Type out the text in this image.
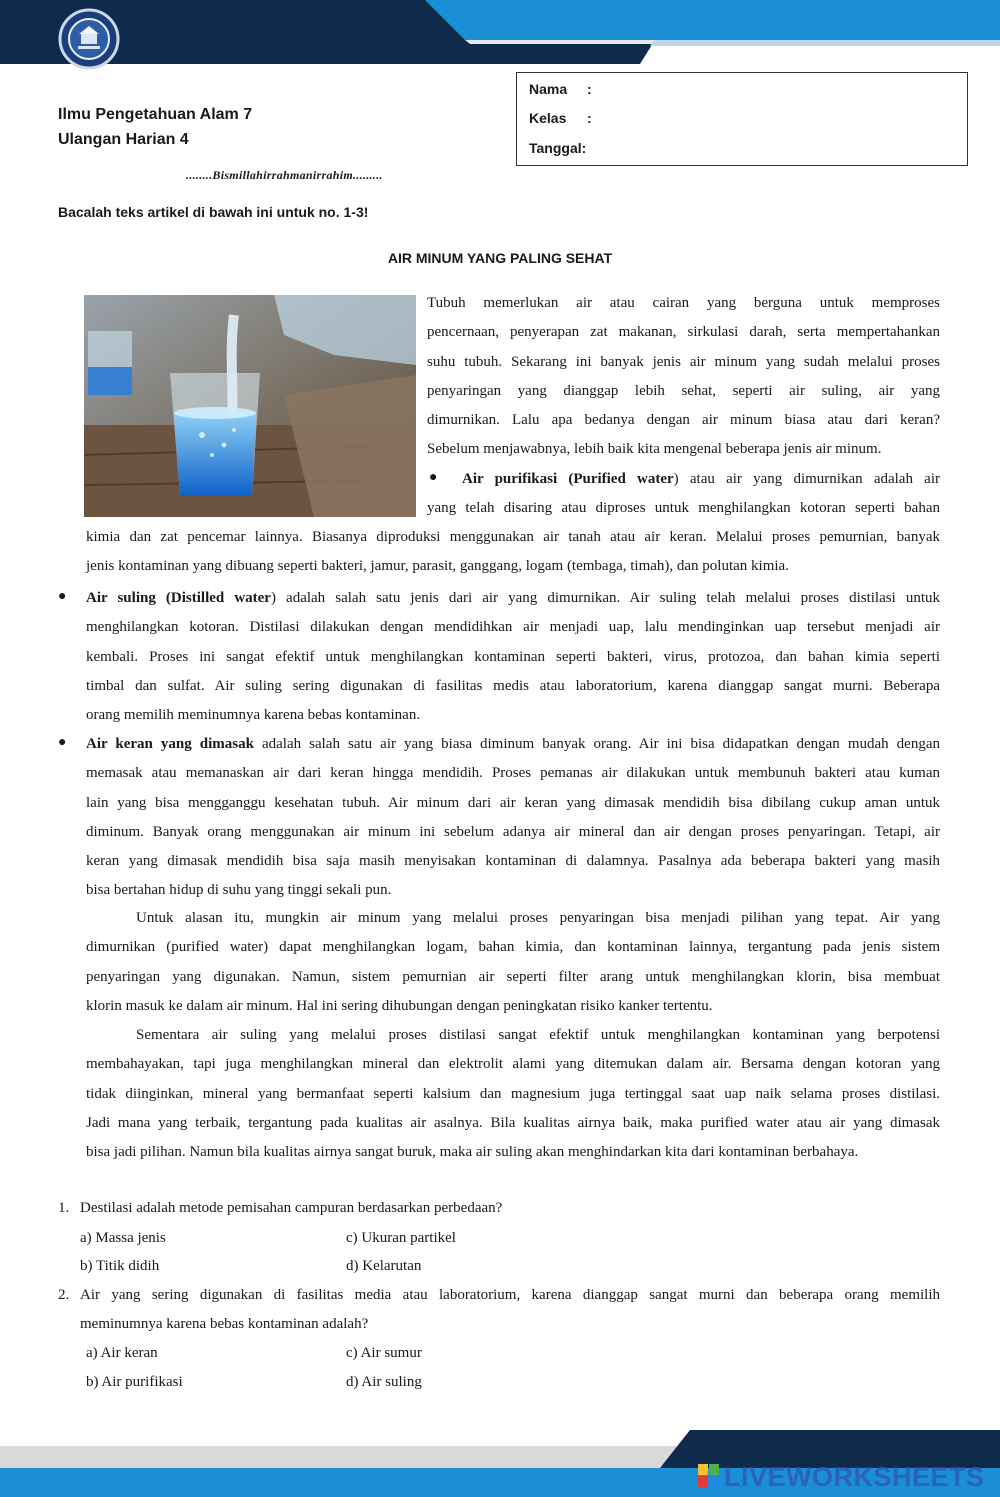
Ilmu Pengetahuan Alam 7
Ulangan Harian 4
Nama :
Kelas :
Tanggal:
........Bismillahirrahmanirrahim.........
Bacalah teks artikel di bawah ini untuk no. 1-3!
AIR MINUM YANG PALING SEHAT
Tubuh memerlukan air atau cairan yang berguna untuk memproses
pencernaan, penyerapan zat makanan, sirkulasi darah, serta mempertahankan
suhu tubuh. Sekarang ini banyak jenis air minum yang sudah melalui proses
penyaringan yang dianggap lebih sehat, seperti air suling, air yang
dimurnikan. Lalu apa bedanya dengan air minum biasa atau dari keran?
Sebelum menjawabnya, lebih baik kita mengenal beberapa jenis air minum.
● Air purifikasi (Purified water) atau air yang dimurnikan adalah air
yang telah disaring atau diproses untuk menghilangkan kotoran seperti bahan
kimia dan zat pencemar lainnya. Biasanya diproduksi menggunakan air tanah atau air keran. Melalui proses pemurnian, banyak
jenis kontaminan yang dibuang seperti bakteri, jamur, parasit, ganggang, logam (tembaga, timah), dan polutan kimia.
● Air suling (Distilled water) adalah salah satu jenis dari air yang dimurnikan. Air suling telah melalui proses distilasi untuk
menghilangkan kotoran. Distilasi dilakukan dengan mendidihkan air menjadi uap, lalu mendinginkan uap tersebut menjadi air
kembali. Proses ini sangat efektif untuk menghilangkan kontaminan seperti bakteri, virus, protozoa, dan bahan kimia seperti
timbal dan sulfat. Air suling sering digunakan di fasilitas medis atau laboratorium, karena dianggap sangat murni. Beberapa
orang memilih meminumnya karena bebas kontaminan.
● Air keran yang dimasak adalah salah satu air yang biasa diminum banyak orang. Air ini bisa didapatkan dengan mudah dengan
memasak atau memanaskan air dari keran hingga mendidih. Proses pemanas air dilakukan untuk membunuh bakteri atau kuman
lain yang bisa mengganggu kesehatan tubuh. Air minum dari air keran yang dimasak mendidih bisa dibilang cukup aman untuk
diminum. Banyak orang menggunakan air minum ini sebelum adanya air mineral dan air dengan proses penyaringan. Tetapi, air
keran yang dimasak mendidih bisa saja masih menyisakan kontaminan di dalamnya. Pasalnya ada beberapa bakteri yang masih
bisa bertahan hidup di suhu yang tinggi sekali pun.
Untuk alasan itu, mungkin air minum yang melalui proses penyaringan bisa menjadi pilihan yang tepat. Air yang
dimurnikan (purified water) dapat menghilangkan logam, bahan kimia, dan kontaminan lainnya, tergantung pada jenis sistem
penyaringan yang digunakan. Namun, sistem pemurnian air seperti filter arang untuk menghilangkan klorin, bisa membuat
klorin masuk ke dalam air minum. Hal ini sering dihubungan dengan peningkatan risiko kanker tertentu.
Sementara air suling yang melalui proses distilasi sangat efektif untuk menghilangkan kontaminan yang berpotensi
membahayakan, tapi juga menghilangkan mineral dan elektrolit alami yang ditemukan dalam air. Bersama dengan kotoran yang
tidak diinginkan, mineral yang bermanfaat seperti kalsium dan magnesium juga tertinggal saat uap naik selama proses distilasi.
Jadi mana yang terbaik, tergantung pada kualitas air asalnya. Bila kualitas airnya baik, maka purified water atau air yang dimasak
bisa jadi pilihan. Namun bila kualitas airnya sangat buruk, maka air suling akan menghindarkan kita dari kontaminan berbahaya.
1. Destilasi adalah metode pemisahan campuran berdasarkan perbedaan?
a) Massa jenis	c) Ukuran partikel
b) Titik didih	d) Kelarutan
2. Air yang sering digunakan di fasilitas media atau laboratorium, karena dianggap sangat murni dan beberapa orang memilih
meminumnya karena bebas kontaminan adalah?
a) Air keran	c) Air sumur
b) Air purifikasi	d) Air suling
LIVEWORKSHEETS
